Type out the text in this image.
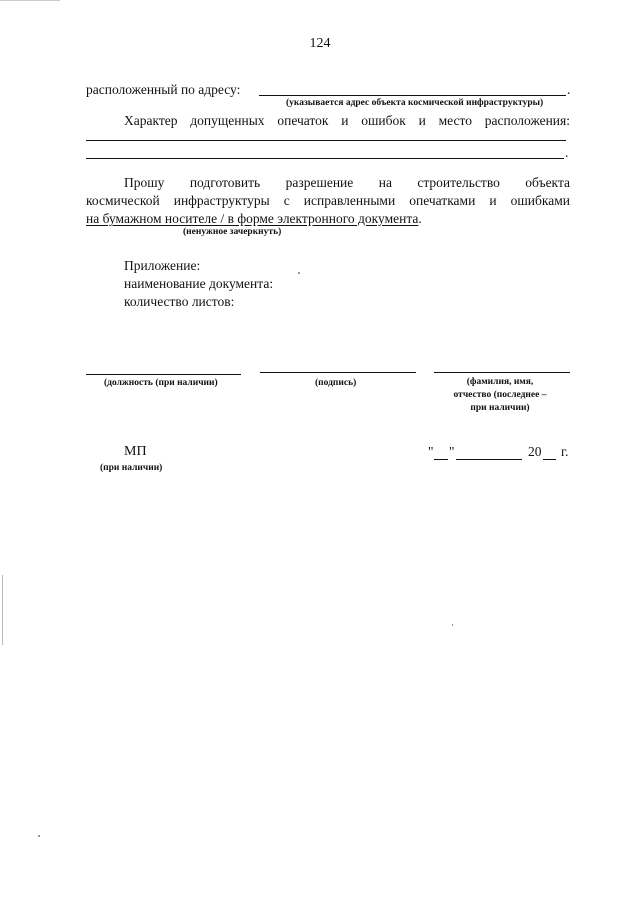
124
расположенный по адресу:	.
(указывается адрес объекта космической инфраструктуры)
Характер допущенных опечаток и ошибок и место расположения:
.
Прошу подготовить разрешение на строительство объекта
космической инфраструктуры с исправленными опечатками и ошибками
на бумажном носителе / в форме электронного документа.
(ненужное зачеркнуть)
Приложение:
наименование документа:
количество листов:
(должность (при наличии)	(подпись)	(фамилия, имя,
отчество (последнее –
при наличии)
МП
(при наличии)
" "	20 г.
